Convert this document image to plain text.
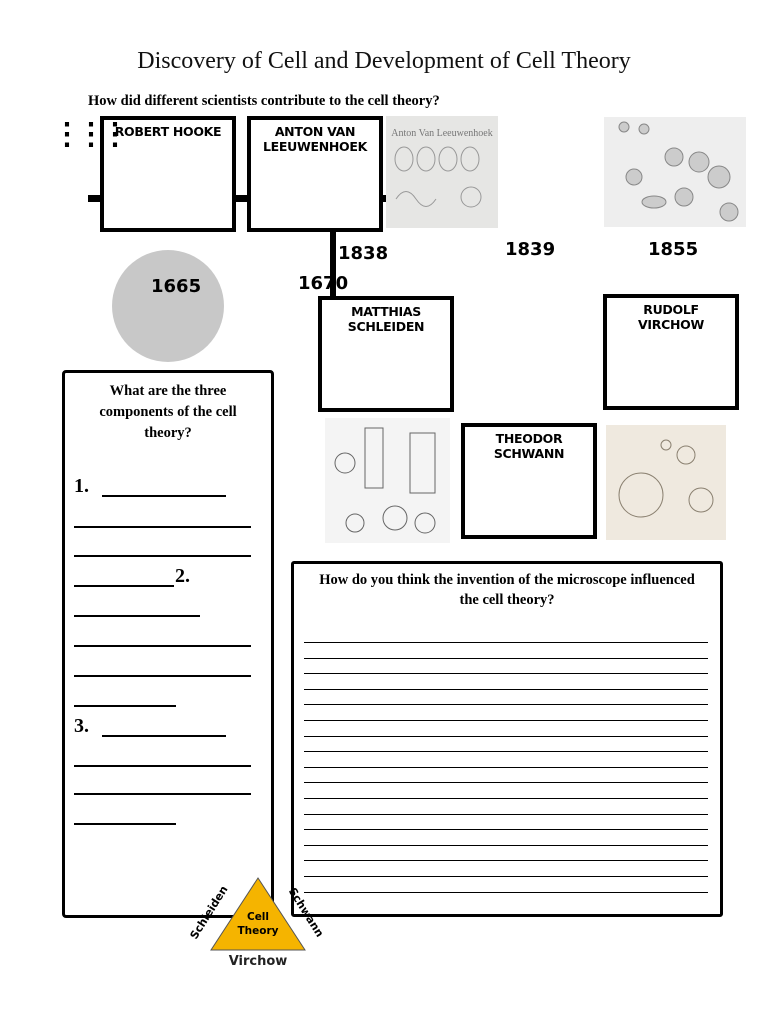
Discovery of Cell and Development of Cell Theory
How did different scientists contribute to the cell theory?
⋮⋮⋮
ROBERT HOOKE	ANTON VAN
LEEUWENHOEK
Anton Van Leeuwenhoek
1665	1670
1838	1839	1855
MATTHIAS
SCHLEIDEN
RUDOLF
VIRCHOW
THEODOR
SCHWANN
What are the three components of the cell theory?
1.
2.
3.
How do you think the invention of the microscope influenced the cell theory?
Cell
Theory
Schleiden	Schwann
Virchow
